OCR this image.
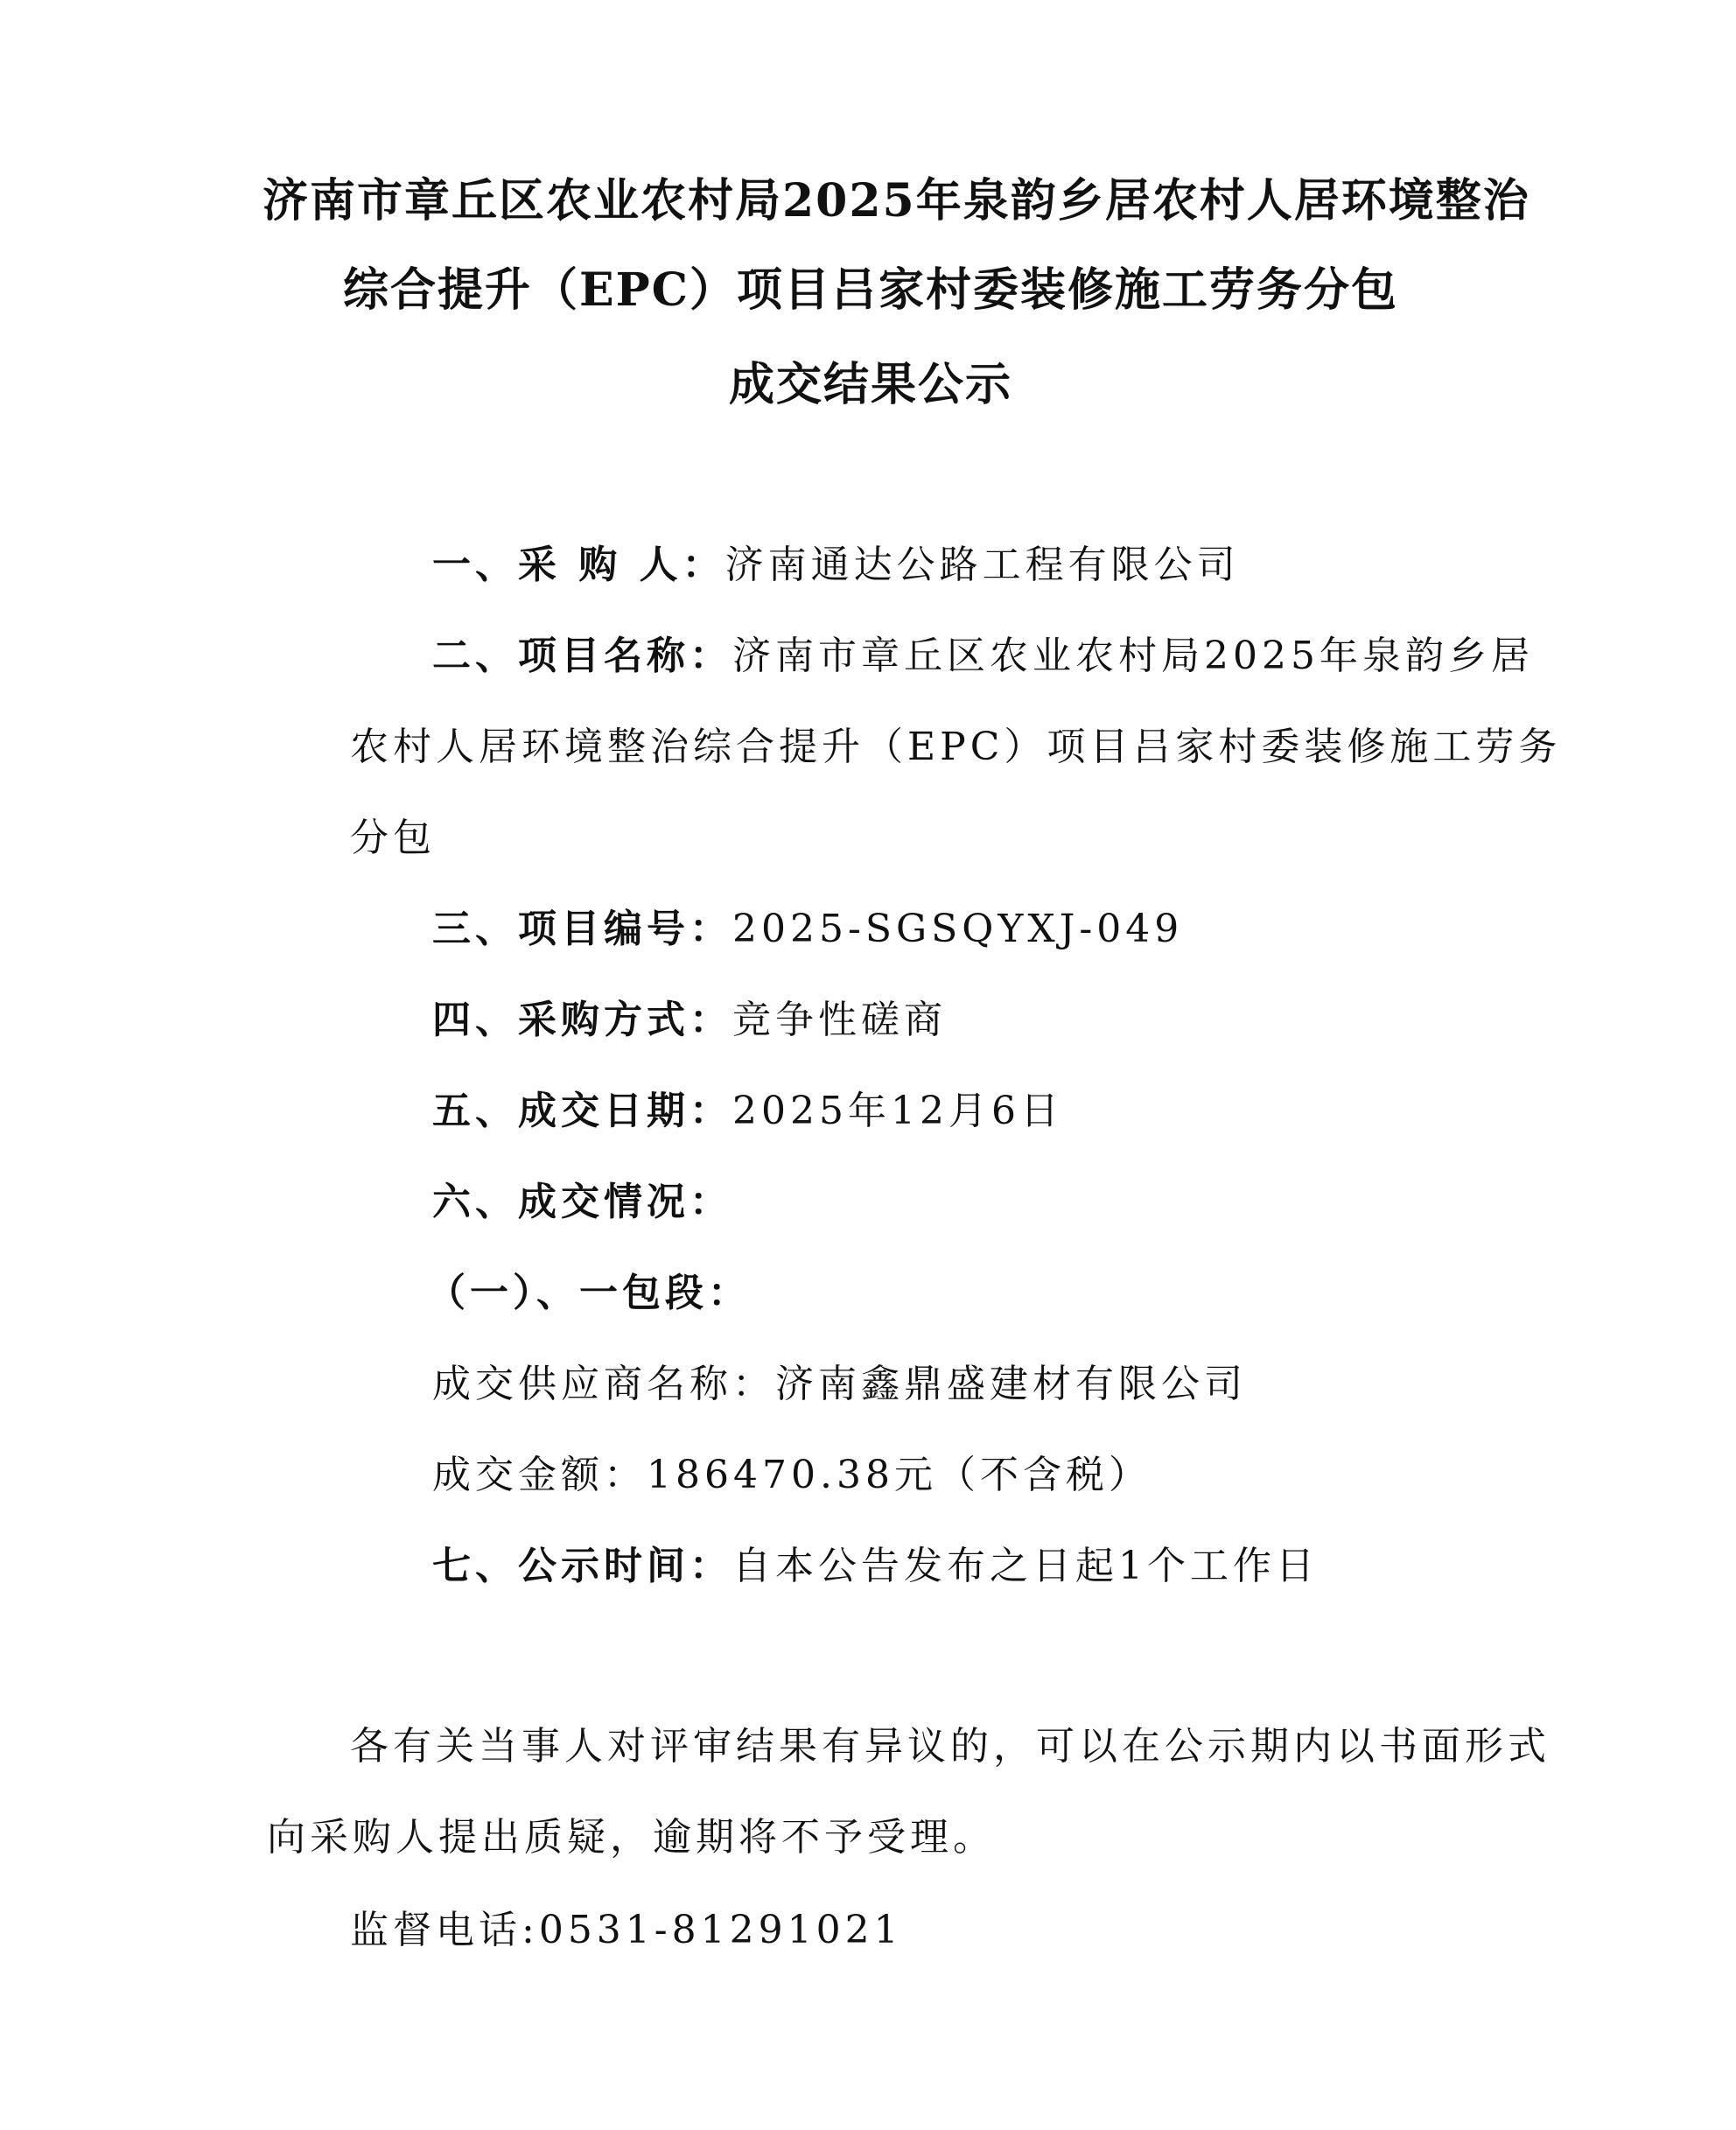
济南市章丘区农业农村局2025年泉韵乡居农村人居环境整治
综合提升（EPC）项目吕家村委装修施工劳务分包
成交结果公示
一、采 购 人：济南通达公路工程有限公司
二、项目名称：济南市章丘区农业农村局2025年泉韵乡居
农村人居环境整治综合提升（EPC）项目吕家村委装修施工劳务
分包
三、项目编号：2025-SGSQYXJ-049
四、采购方式：竞争性磋商
五、成交日期：2025年12月6日
六、成交情况：
（一）、一包段：
成交供应商名称：济南鑫鼎盛建材有限公司
成交金额：186470.38元（不含税）
七、公示时间：自本公告发布之日起1个工作日
各有关当事人对评审结果有异议的，可以在公示期内以书面形式
向采购人提出质疑，逾期将不予受理。
监督电话:0531-81291021
